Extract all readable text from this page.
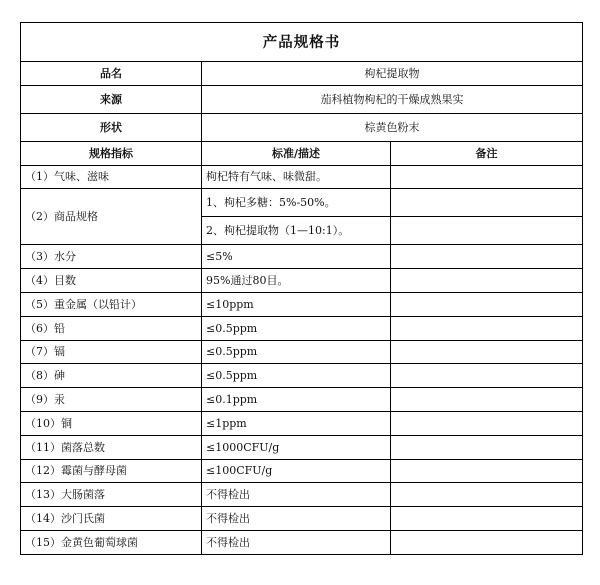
产品规格书		
品名	枸杞提取物	
来源	茄科植物枸杞的干燥成熟果实	
形状	棕黄色粉末	
规格指标	标准/描述	备注
（1）气味、滋味	枸杞特有气味、味微甜。	
（2）商品规格	1、枸杞多糖：5%-50%。	
	2、枸杞提取物（1—10:1）。	
（3）水分	≤5%	
（4）目数	95%通过80目。	
（5）重金属（以铅计）	≤10ppm	
（6）铅	≤0.5ppm	
（7）镉	≤0.5ppm	
（8）砷	≤0.5ppm	
（9）汞	≤0.1ppm	
（10）铜	≤1ppm	
（11）菌落总数	≤1000CFU/g	
（12）霉菌与酵母菌	≤100CFU/g	
（13）大肠菌落	不得检出	
（14）沙门氏菌	不得检出	
（15）金黄色葡萄球菌	不得检出	
